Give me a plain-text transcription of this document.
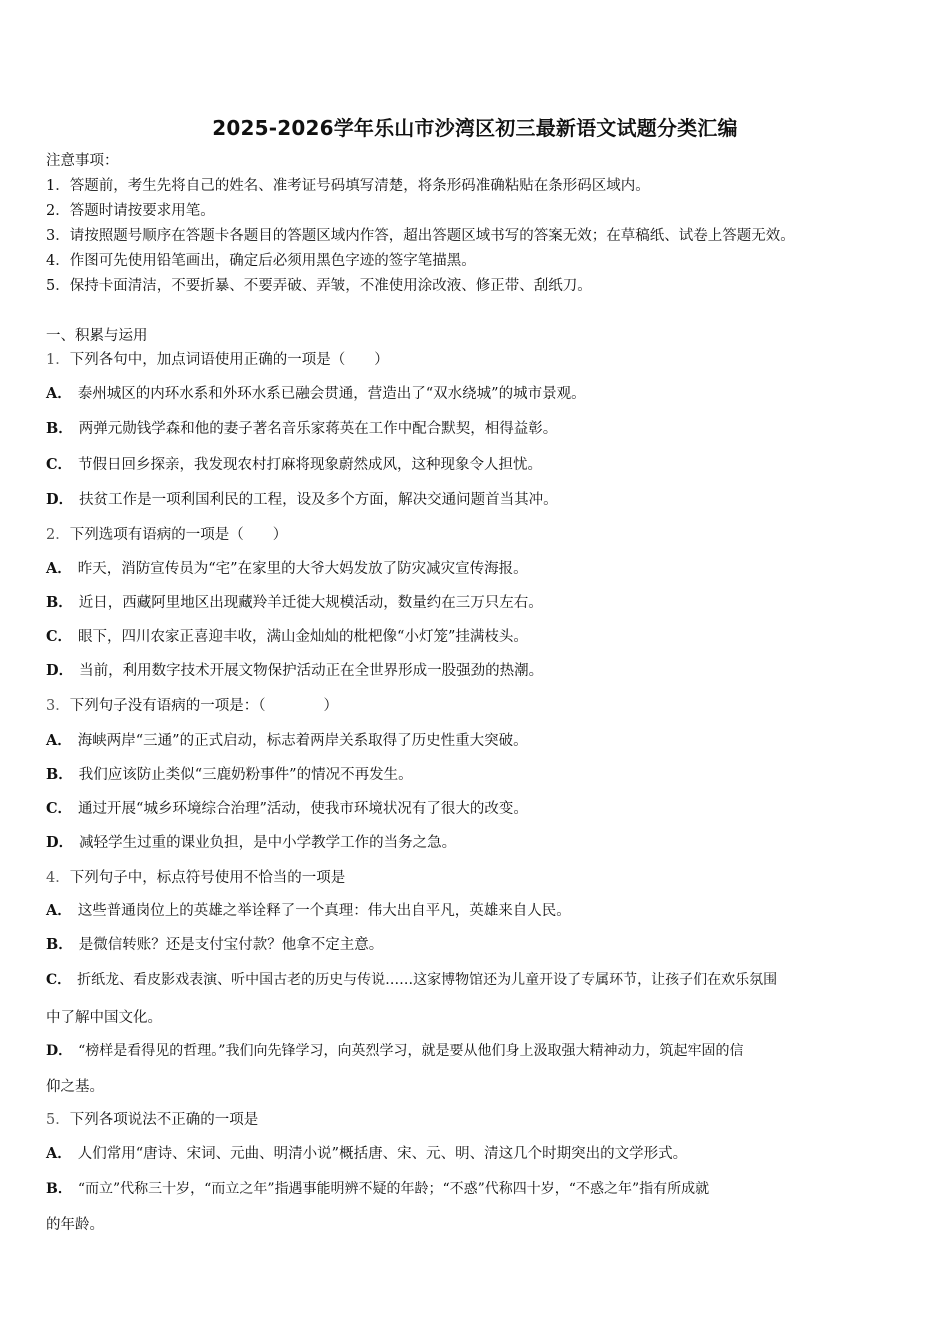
2025-2026学年乐山市沙湾区初三最新语文试题分类汇编
注意事项：
1．答题前，考生先将自己的姓名、准考证号码填写清楚，将条形码准确粘贴在条形码区域内。
2．答题时请按要求用笔。
3．请按照题号顺序在答题卡各题目的答题区域内作答，超出答题区域书写的答案无效；在草稿纸、试卷上答题无效。
4．作图可先使用铅笔画出，确定后必须用黑色字迹的签字笔描黑。
5．保持卡面清洁，不要折暴、不要弄破、弄皱，不准使用涂改液、修正带、刮纸刀。
一、积累与运用
1．下列各句中，加点词语使用正确的一项是（　　）
A． 泰州城区的内环水系和外环水系已融会贯通，营造出了“双水绕城”的城市景观。
B． 两弹元勋钱学森和他的妻子著名音乐家蒋英在工作中配合默契，相得益彰。
C． 节假日回乡探亲，我发现农村打麻将现象蔚然成风，这种现象令人担忧。
D． 扶贫工作是一项利国利民的工程，设及多个方面，解决交通问题首当其冲。
2．下列选项有语病的一项是（　　）
A． 昨天，消防宣传员为“宅”在家里的大爷大妈发放了防灾减灾宣传海报。
B． 近日，西藏阿里地区出现藏羚羊迁徙大规模活动，数量约在三万只左右。
C． 眼下，四川农家正喜迎丰收，满山金灿灿的枇杷像“小灯笼”挂满枝头。
D． 当前，利用数字技术开展文物保护活动正在全世界形成一股强劲的热潮。
3．下列句子没有语病的一项是：（　　　　）
A． 海峡两岸“三通”的正式启动，标志着两岸关系取得了历史性重大突破。
B． 我们应该防止类似“三鹿奶粉事件”的情况不再发生。
C． 通过开展“城乡环境综合治理”活动，使我市环境状况有了很大的改变。
D． 减轻学生过重的课业负担，是中小学教学工作的当务之急。
4．下列句子中，标点符号使用不恰当的一项是
A． 这些普通岗位上的英雄之举诠释了一个真理：伟大出自平凡，英雄来自人民。
B． 是微信转账？还是支付宝付款？他拿不定主意。
C． 折纸龙、看皮影戏表演、听中国古老的历史与传说……这家博物馆还为儿童开设了专属环节，让孩子们在欢乐氛围
中了解中国文化。
D． “榜样是看得见的哲理。”我们向先锋学习，向英烈学习，就是要从他们身上汲取强大精神动力，筑起牢固的信
仰之基。
5．下列各项说法不正确的一项是
A． 人们常用“唐诗、宋词、元曲、明清小说”概括唐、宋、元、明、清这几个时期突出的文学形式。
B． “而立”代称三十岁，“而立之年”指遇事能明辨不疑的年龄；“不惑”代称四十岁，“不惑之年”指有所成就
的年龄。
